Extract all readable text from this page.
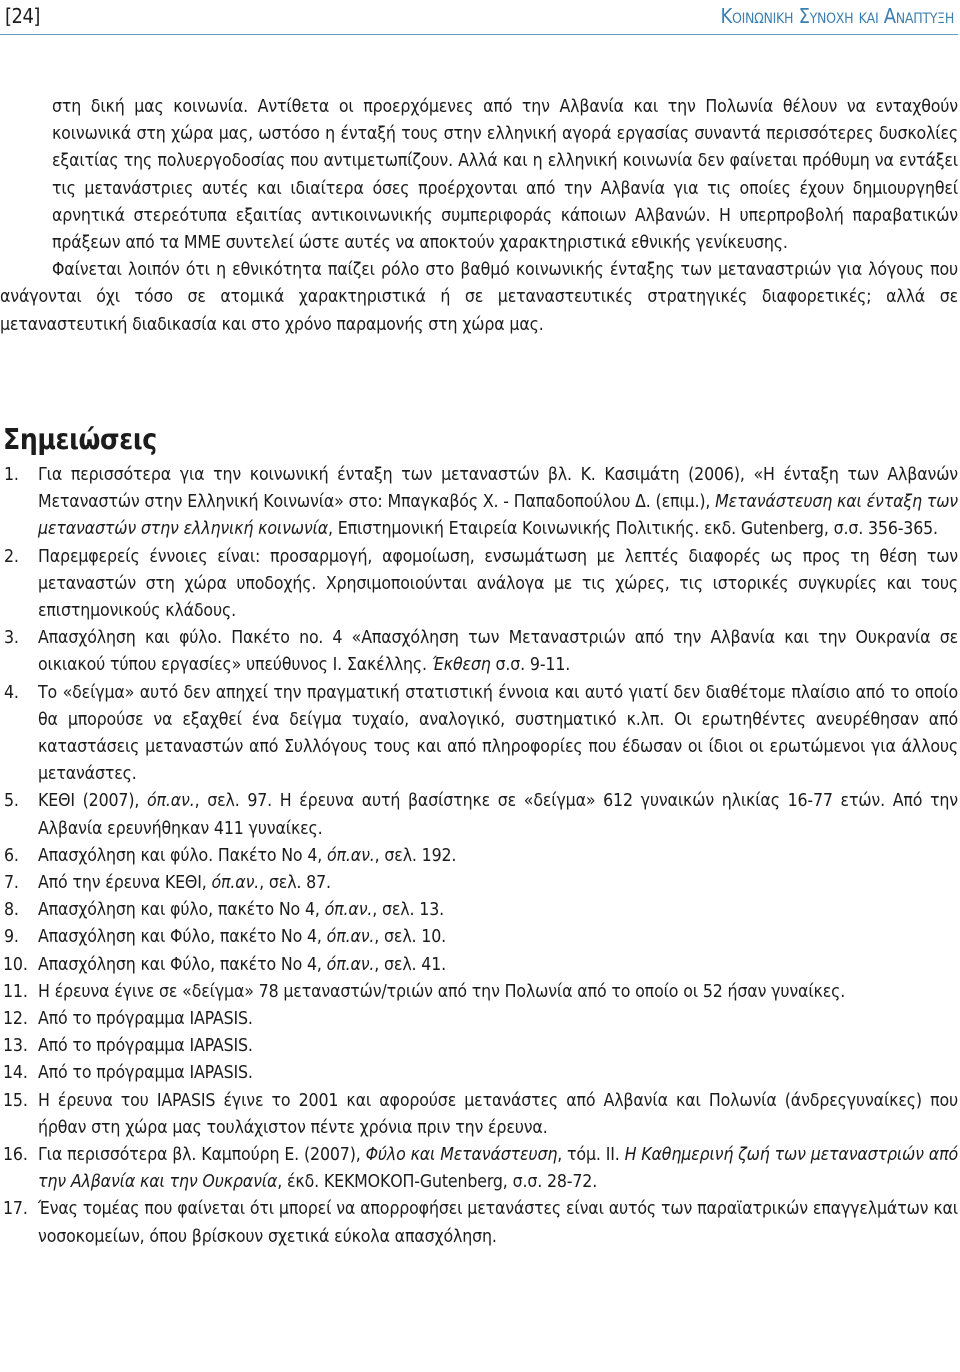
[24]	Κοινωνικη Συνοχη και Αναπτυξη
στη δική μας κοινωνία. Αντίθετα οι προερχόμενες από την Αλβανία και την Πολωνία θέλουν να ενταχθούν κοινωνικά στη χώρα μας, ωστόσο η ένταξή τους στην ελληνική αγορά εργασίας συναντά περισσότερες δυσκολίες εξαιτίας της πολυεργοδοσίας που αντιμετωπίζουν. Αλλά και η ελληνική κοινωνία δεν φαίνεται πρόθυμη να εντάξει τις μετανάστριες αυτές και ιδιαίτερα όσες προέρχονται από την Αλβανία για τις οποίες έχουν δημιουργηθεί αρνητικά στερεότυπα εξαιτίας αντικοινωνικής συμπεριφοράς κάποιων Αλβανών. Η υπερπροβολή παραβατικών πράξεων από τα ΜΜΕ συντελεί ώστε αυτές να αποκτούν χαρακτηριστικά εθνικής γενίκευσης.
Φαίνεται λοιπόν ότι η εθνικότητα παίζει ρόλο στο βαθμό κοινωνικής ένταξης των μεταναστριών για λόγους που ανάγονται όχι τόσο σε ατομικά χαρακτηριστικά ή σε μεταναστευτικές στρατηγικές διαφορετικές; αλλά σε μεταναστευτική διαδικασία και στο χρόνο παραμονής στη χώρα μας.
Σημειώσεις
1. Για περισσότερα για την κοινωνική ένταξη των μεταναστών βλ. Κ. Κασιμάτη (2006), «Η ένταξη των Αλβανών Μεταναστών στην Ελληνική Κοινωνία» στο: Μπαγκαβός Χ. - Παπαδοπούλου Δ. (επιμ.), Μετανάστευση και ένταξη των μεταναστών στην ελληνική κοινωνία, Επιστημονική Εταιρεία Κοινωνικής Πολιτικής. εκδ. Gutenberg, σ.σ. 356-365.
2. Παρεμφερείς έννοιες είναι: προσαρμογή, αφομοίωση, ενσωμάτωση με λεπτές διαφορές ως προς τη θέση των μεταναστών στη χώρα υποδοχής. Χρησιμοποιούνται ανάλογα με τις χώρες, τις ιστορικές συγκυρίες και τους επιστημονικούς κλάδους.
3. Απασχόληση και φύλο. Πακέτο no. 4 «Απασχόληση των Μεταναστριών από την Αλβανία και την Ουκρανία σε οικιακού τύπου εργασίες» υπεύθυνος Ι. Σακέλλης. Έκθεση σ.σ. 9-11.
4. Το «δείγμα» αυτό δεν απηχεί την πραγματική στατιστική έννοια και αυτό γιατί δεν διαθέτομε πλαίσιο από το οποίο θα μπορούσε να εξαχθεί ένα δείγμα τυχαίο, αναλογικό, συστηματικό κ.λπ. Οι ερωτηθέντες ανευρέθησαν από καταστάσεις μεταναστών από Συλλόγους τους και από πληροφορίες που έδωσαν οι ίδιοι οι ερωτώμενοι για άλλους μετανάστες.
5. ΚΕΘΙ (2007), όπ.αν., σελ. 97. Η έρευνα αυτή βασίστηκε σε «δείγμα» 612 γυναικών ηλικίας 16-77 ετών. Από την Αλβανία ερευνήθηκαν 411 γυναίκες.
6. Απασχόληση και φύλο. Πακέτο Νο 4, όπ.αν., σελ. 192.
7. Από την έρευνα ΚΕΘΙ, όπ.αν., σελ. 87.
8. Απασχόληση και φύλο, πακέτο Νο 4, όπ.αν., σελ. 13.
9. Απασχόληση και Φύλο, πακέτο Νο 4, όπ.αν., σελ. 10.
10. Απασχόληση και Φύλο, πακέτο Νο 4, όπ.αν., σελ. 41.
11. Η έρευνα έγινε σε «δείγμα» 78 μεταναστών/τριών από την Πολωνία από το οποίο οι 52 ήσαν γυναίκες.
12. Από το πρόγραμμα IAPASIS.
13. Από το πρόγραμμα IAPASIS.
14. Από το πρόγραμμα IAPASIS.
15. Η έρευνα του IAPASIS έγινε το 2001 και αφορούσε μετανάστες από Αλβανία και Πολωνία (άνδρεςγυναίκες) που ήρθαν στη χώρα μας τουλάχιστον πέντε χρόνια πριν την έρευνα.
16. Για περισσότερα βλ. Καμπούρη Ε. (2007), Φύλο και Μετανάστευση, τόμ. ΙΙ. Η Καθημερινή ζωή των μεταναστριών από την Αλβανία και την Ουκρανία, έκδ. ΚΕΚΜΟΚΟΠ-Gutenberg, σ.σ. 28-72.
17. Ένας τομέας που φαίνεται ότι μπορεί να απορροφήσει μετανάστες είναι αυτός των παραϊατρικών επαγγελμάτων και νοσοκομείων, όπου βρίσκουν σχετικά εύκολα απασχόληση.
